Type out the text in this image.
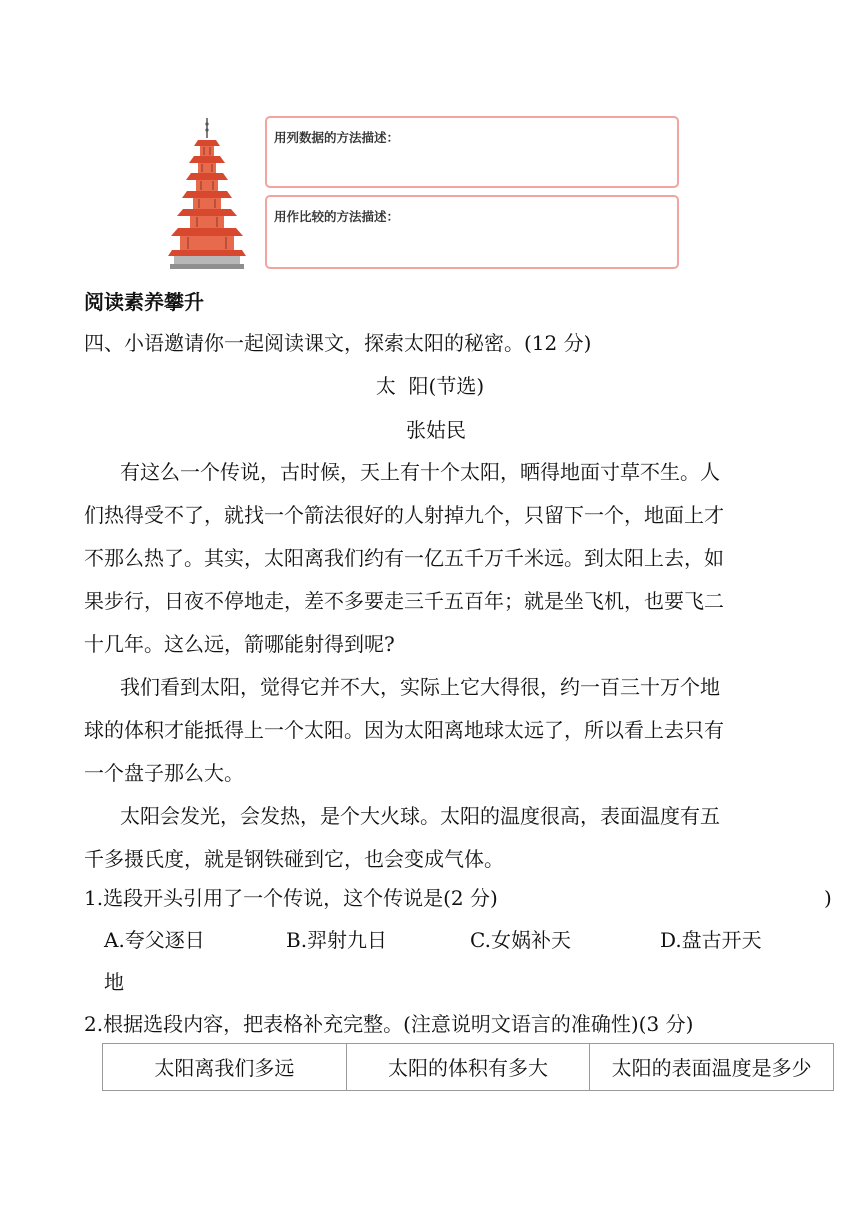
用列数据的方法描述：
用作比较的方法描述：
阅读素养攀升
四、小语邀请你一起阅读课文，探索太阳的秘密。(12 分)
太  阳(节选)
张姑民
有这么一个传说，古时候，天上有十个太阳，晒得地面寸草不生。人
们热得受不了，就找一个箭法很好的人射掉九个，只留下一个，地面上才
不那么热了。其实，太阳离我们约有一亿五千万千米远。到太阳上去，如
果步行，日夜不停地走，差不多要走三千五百年；就是坐飞机，也要飞二
十几年。这么远，箭哪能射得到呢?
我们看到太阳，觉得它并不大，实际上它大得很，约一百三十万个地
球的体积才能抵得上一个太阳。因为太阳离地球太远了，所以看上去只有
一个盘子那么大。
太阳会发光，会发热，是个大火球。太阳的温度很高，表面温度有五
千多摄氏度，就是钢铁碰到它，也会变成气体。
1.选段开头引用了一个传说，这个传说是(2 分)	)
A.夸父逐日	B.羿射九日	C.女娲补天	D.盘古开天
地
2.根据选段内容，把表格补充完整。(注意说明文语言的准确性)(3 分)
太阳离我们多远	太阳的体积有多大	太阳的表面温度是多少
